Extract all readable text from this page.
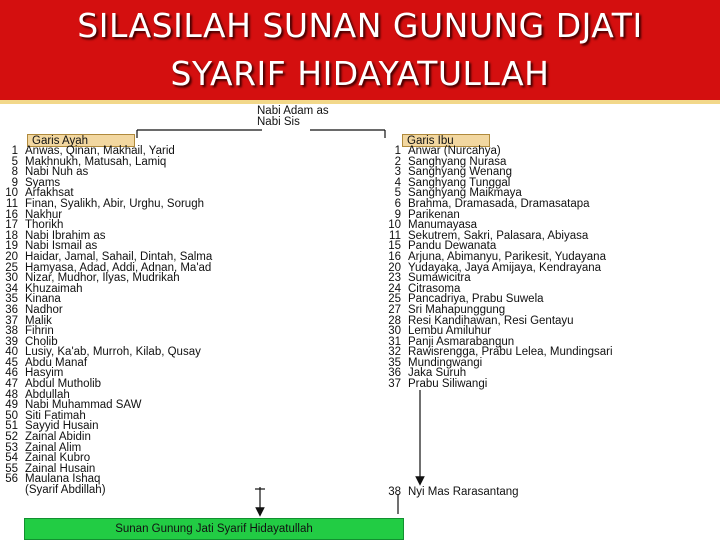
SILASILAH SUNAN GUNUNG DJATI
SYARIF HIDAYATULLAH
Nabi Adam as
Nabi Sis
Garis Ayah	Garis Ibu
1 Anwas, Qinan, Makhail, Yarid
5 Makhnukh, Matusah, Lamiq
8 Nabi Nuh as
9 Syams
10 Arfakhsat
11 Finan, Syalikh, Abir, Urghu, Sorugh
16 Nakhur
17 Thorikh
18 Nabi Ibrahim as
19 Nabi Ismail as
20 Haidar, Jamal, Sahail, Dintah, Salma
25 Hamyasa, Adad, Addi, Adnan, Ma'ad
30 Nizar, Mudhor, Ilyas, Mudrikah
34 Khuzaimah
35 Kinana
36 Nadhor
37 Malik
38 Fihrin
39 Cholib
40 Lusiy, Ka'ab, Murroh, Kilab, Qusay
45 Abdu Manaf
46 Hasyim
47 Abdul Mutholib
48 Abdullah
49 Nabi Muhammad SAW
50 Siti Fatimah
51 Sayyid Husain
52 Zainal Abidin
53 Zainal Alim
54 Zainal Kubro
55 Zainal Husain
56 Maulana Ishaq
(Syarif Abdillah)
1 Anwar (Nurcahya)
2 Sanghyang Nurasa
3 Sanghyang Wenang
4 Sanghyang Tunggal
5 Sanghyang Maikmaya
6 Brahma, Dramasada, Dramasatapa
9 Parikenan
10 Manumayasa
11 Sekutrem, Sakri, Palasara, Abiyasa
15 Pandu Dewanata
16 Arjuna, Abimanyu, Parikesit, Yudayana
20 Yudayaka, Jaya Amijaya, Kendrayana
23 Sumawicitra
24 Citrasoma
25 Pancadriya, Prabu Suwela
27 Sri Mahapunggung
28 Resi Kandihawan, Resi Gentayu
30 Lembu Amiluhur
31 Panji Asmarabangun
32 Rawisrengga, Prabu Lelea, Mundingsari
35 Mundingwangi
36 Jaka Suruh
37 Prabu Siliwangi
38 Nyi Mas Rarasantang
Sunan Gunung Jati Syarif Hidayatullah
